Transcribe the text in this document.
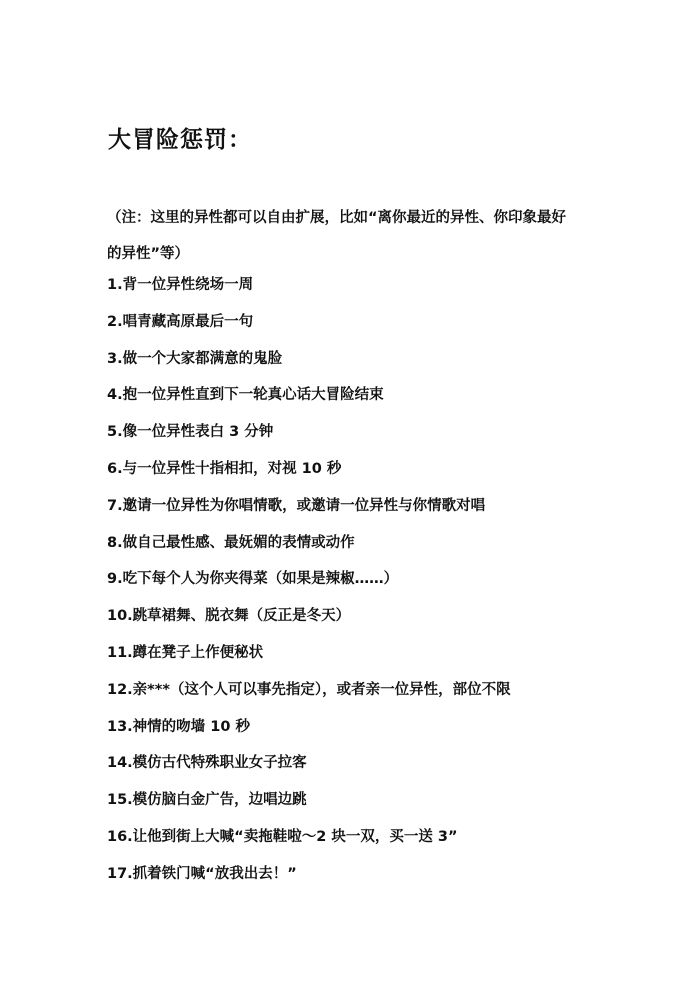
大冒险惩罚：
（注：这里的异性都可以自由扩展，比如“离你最近的异性、你印象最好的异性”等）
1.背一位异性绕场一周
2.唱青藏高原最后一句
3.做一个大家都满意的鬼脸
4.抱一位异性直到下一轮真心话大冒险结束
5.像一位异性表白 3 分钟
6.与一位异性十指相扣，对视 10 秒
7.邀请一位异性为你唱情歌，或邀请一位异性与你情歌对唱
8.做自己最性感、最妩媚的表情或动作
9.吃下每个人为你夹得菜（如果是辣椒……）
10.跳草裙舞、脱衣舞（反正是冬天）
11.蹲在凳子上作便秘状
12.亲***（这个人可以事先指定），或者亲一位异性，部位不限
13.神情的吻墙 10 秒
14.模仿古代特殊职业女子拉客
15.模仿脑白金广告，边唱边跳
16.让他到街上大喊“卖拖鞋啦～2 块一双，买一送 3”
17.抓着铁门喊“放我出去！”
